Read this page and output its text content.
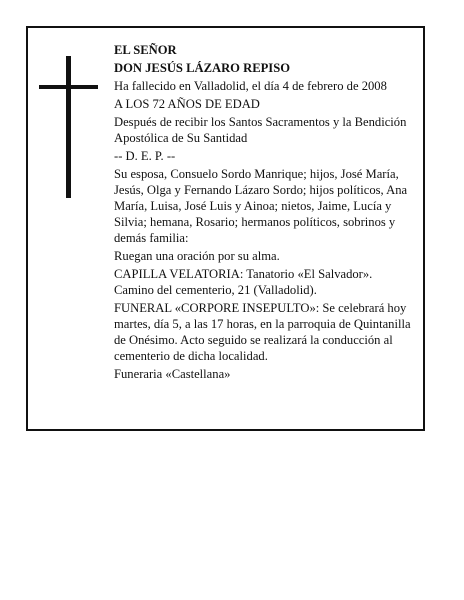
EL SEÑOR

DON JESÚS LÁZARO REPISO

Ha fallecido en Valladolid, el día 4 de febrero de 2008

A LOS 72 AÑOS DE EDAD

Después de recibir los Santos Sacramentos y la Bendición Apostólica de Su Santidad

-- D. E. P. --

Su esposa, Consuelo Sordo Manrique; hijos, José María, Jesús, Olga y Fernando Lázaro Sordo; hijos políticos, Ana María, Luisa, José Luis y Ainoa; nietos, Jaime, Lucía y Silvia; hemana, Rosario; hermanos políticos, sobrinos y demás familia:

Ruegan una oración por su alma.

CAPILLA VELATORIA: Tanatorio «El Salvador». Camino del cementerio, 21 (Valladolid).

FUNERAL «CORPORE INSEPULTO»: Se celebrará hoy martes, día 5, a las 17 horas, en la parroquia de Quintanilla de Onésimo. Acto seguido se realizará la conducción al cementerio de dicha localidad.

Funeraria «Castellana»
